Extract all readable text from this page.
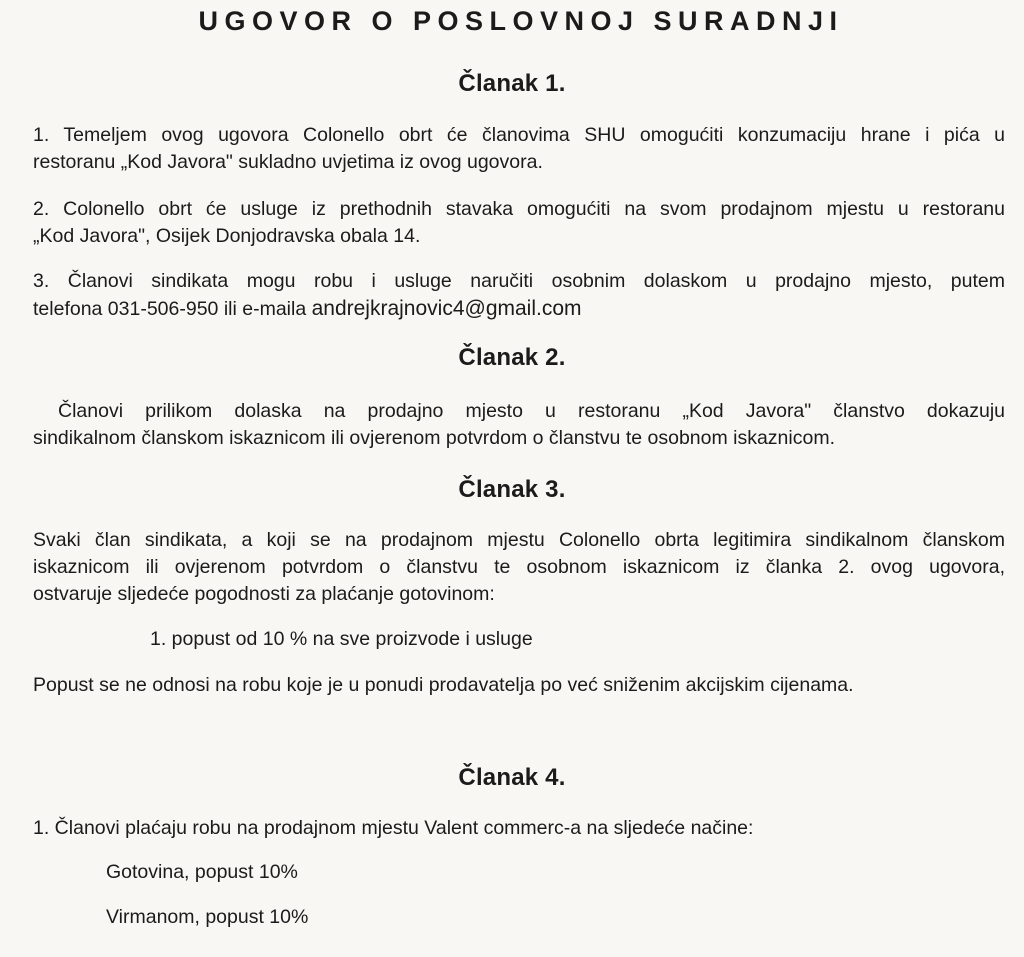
UGOVOR O POSLOVNOJ SURADNJI
Članak 1.
1. Temeljem ovog ugovora Colonello obrt će članovima SHU omogućiti konzumaciju hrane i pića u
restoranu „Kod Javora" sukladno uvjetima iz ovog ugovora.
2. Colonello obrt će usluge iz prethodnih stavaka omogućiti na svom prodajnom mjestu u restoranu
„Kod Javora", Osijek Donjodravska obala 14.
3. Članovi sindikata mogu robu i usluge naručiti osobnim dolaskom u prodajno mjesto, putem
telefona 031-506-950 ili e-maila andrejkrajnovic4@gmail.com
Članak 2.
Članovi prilikom dolaska na prodajno mjesto u restoranu „Kod Javora" članstvo dokazuju
sindikalnom članskom iskaznicom ili ovjerenom potvrdom o članstvu te osobnom iskaznicom.
Članak 3.
Svaki član sindikata, a koji se na prodajnom mjestu Colonello obrta legitimira sindikalnom članskom
iskaznicom ili ovjerenom potvrdom o članstvu te osobnom iskaznicom iz članka 2. ovog ugovora,
ostvaruje sljedeće pogodnosti za plaćanje gotovinom:
1. popust od 10 % na sve proizvode i usluge
Popust se ne odnosi na robu koje je u ponudi prodavatelja po već sniženim akcijskim cijenama.
Članak 4.
1. Članovi plaćaju robu na prodajnom mjestu Valent commerc-a na sljedeće načine:
Gotovina, popust 10%
Virmanom, popust 10%
